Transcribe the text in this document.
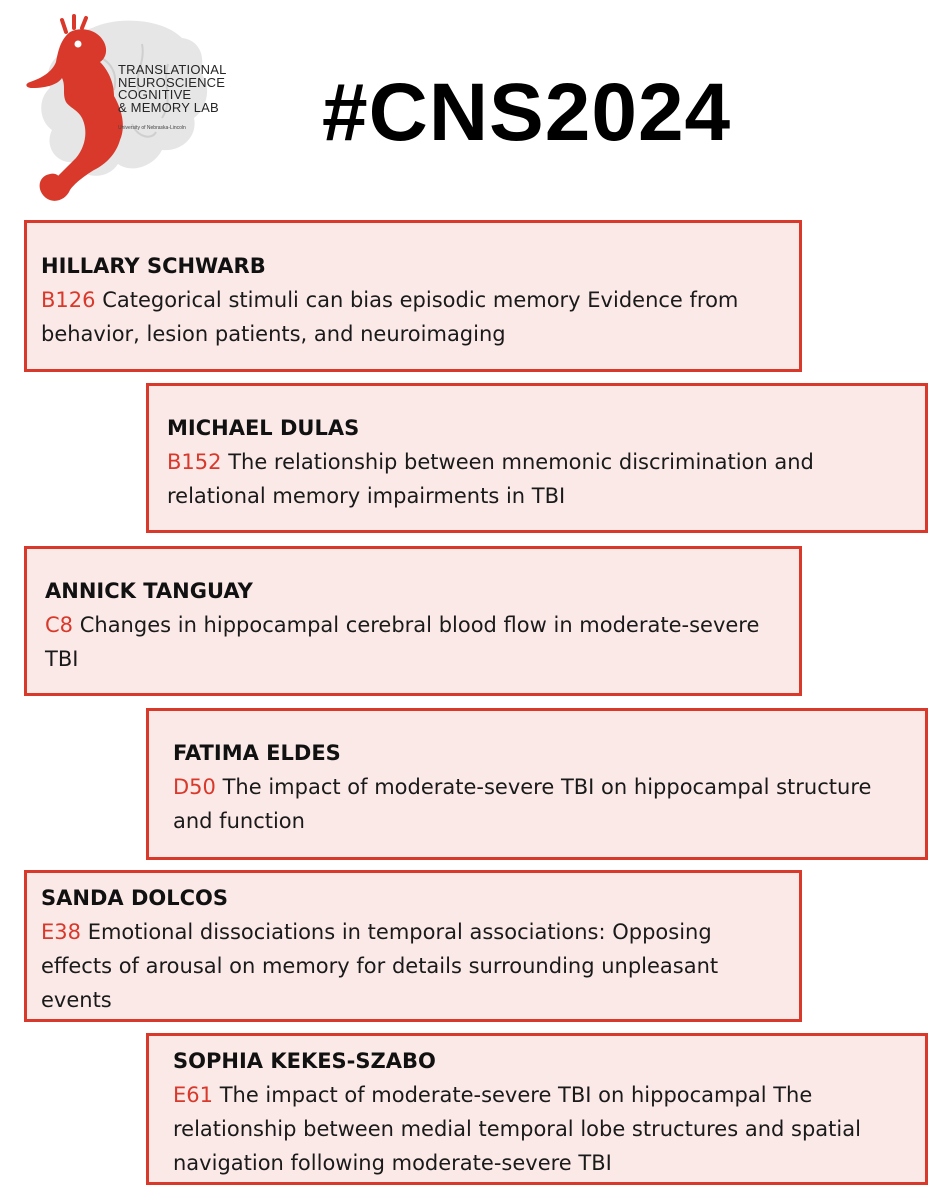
TRANSLATIONAL
NEUROSCIENCE
COGNITIVE
& MEMORY LAB
University of Nebraska-Lincoln #CNS2024
HILLARY SCHWARB
B126 Categorical stimuli can bias episodic memory Evidence from behavior, lesion patients, and neuroimaging
MICHAEL DULAS
B152 The relationship between mnemonic discrimination and relational memory impairments in TBI
ANNICK TANGUAY
C8 Changes in hippocampal cerebral blood flow in moderate-severe TBI
FATIMA ELDES
D50 The impact of moderate-severe TBI on hippocampal structure and function
SANDA DOLCOS
E38 Emotional dissociations in temporal associations: Opposing effects of arousal on memory for details surrounding unpleasant events
SOPHIA KEKES-SZABO
E61 The impact of moderate-severe TBI on hippocampal The relationship between medial temporal lobe structures and spatial navigation following moderate-severe TBI
